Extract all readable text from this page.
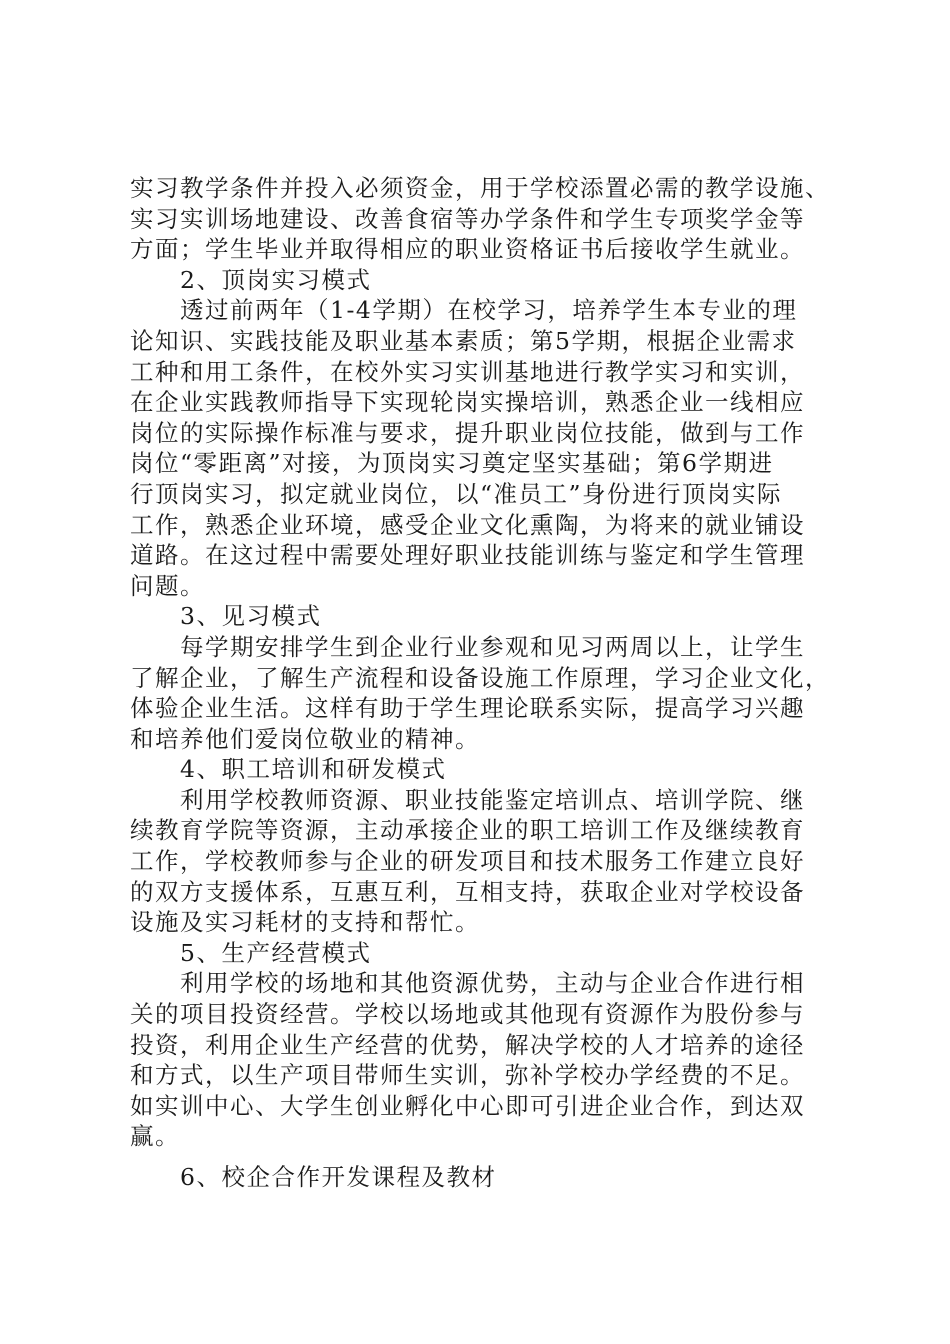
实习教学条件并投入必须资金，用于学校添置必需的教学设施、
实习实训场地建设、改善食宿等办学条件和学生专项奖学金等
方面；学生毕业并取得相应的职业资格证书后接收学生就业。
2、顶岗实习模式
透过前两年（1-4学期）在校学习，培养学生本专业的理
论知识、实践技能及职业基本素质；第5学期，根据企业需求
工种和用工条件，在校外实习实训基地进行教学实习和实训，
在企业实践教师指导下实现轮岗实操培训，熟悉企业一线相应
岗位的实际操作标准与要求，提升职业岗位技能，做到与工作
岗位“零距离”对接，为顶岗实习奠定坚实基础；第6学期进
行顶岗实习，拟定就业岗位，以“准员工”身份进行顶岗实际
工作，熟悉企业环境，感受企业文化熏陶，为将来的就业铺设
道路。在这过程中需要处理好职业技能训练与鉴定和学生管理
问题。
3、见习模式
每学期安排学生到企业行业参观和见习两周以上，让学生
了解企业，了解生产流程和设备设施工作原理，学习企业文化，
体验企业生活。这样有助于学生理论联系实际，提高学习兴趣
和培养他们爱岗位敬业的精神。
4、职工培训和研发模式
利用学校教师资源、职业技能鉴定培训点、培训学院、继
续教育学院等资源，主动承接企业的职工培训工作及继续教育
工作，学校教师参与企业的研发项目和技术服务工作建立良好
的双方支援体系，互惠互利，互相支持，获取企业对学校设备
设施及实习耗材的支持和帮忙。
5、生产经营模式
利用学校的场地和其他资源优势，主动与企业合作进行相
关的项目投资经营。学校以场地或其他现有资源作为股份参与
投资，利用企业生产经营的优势，解决学校的人才培养的途径
和方式，以生产项目带师生实训，弥补学校办学经费的不足。
如实训中心、大学生创业孵化中心即可引进企业合作，到达双
赢。
6、校企合作开发课程及教材
